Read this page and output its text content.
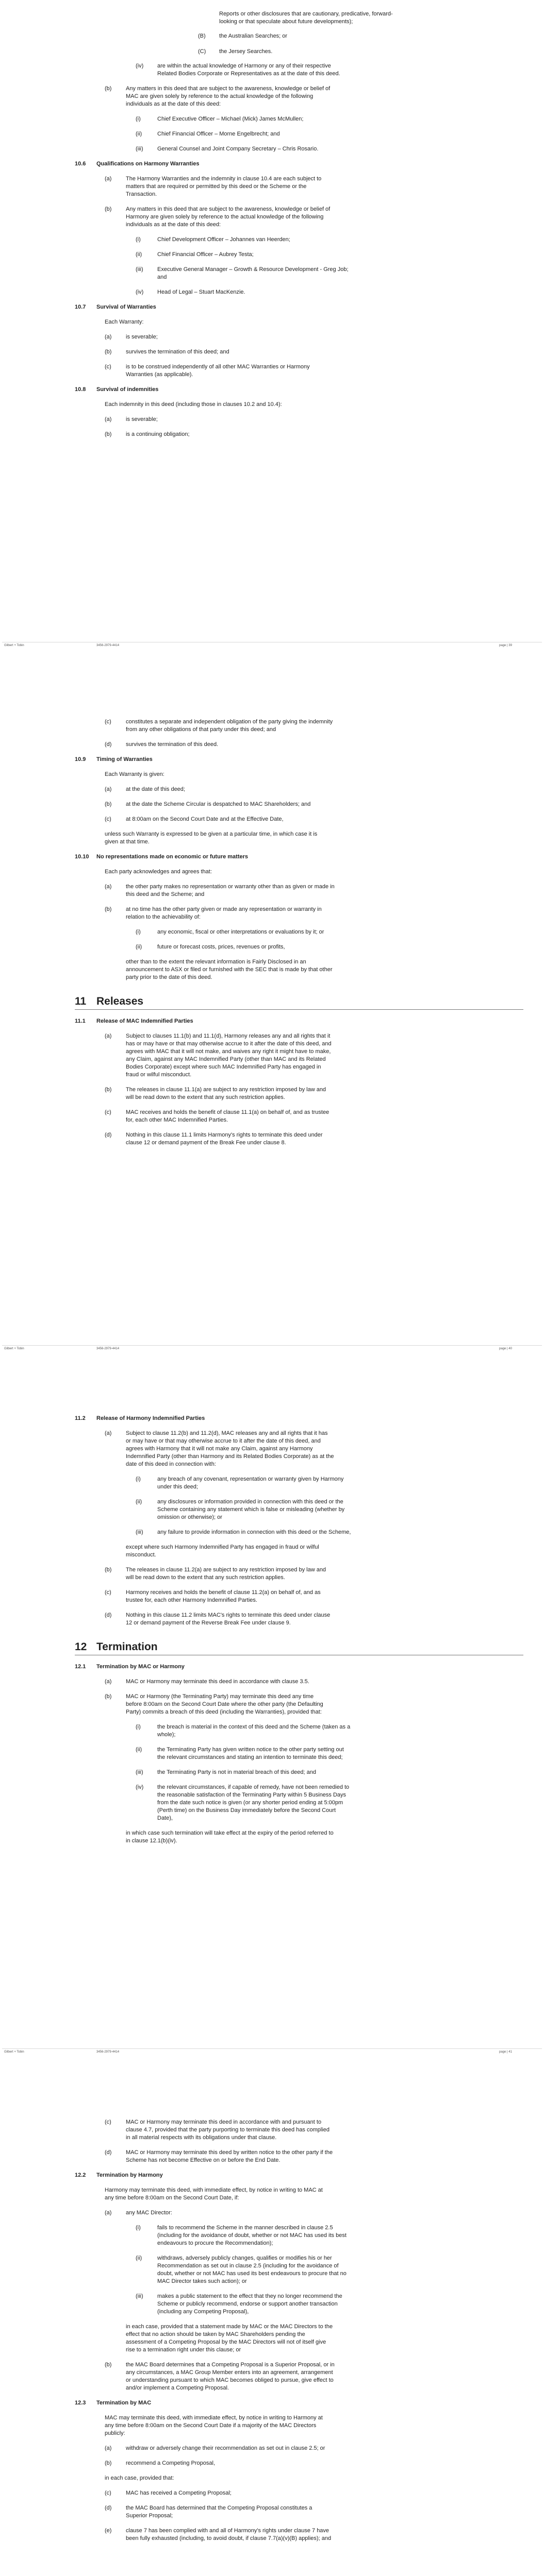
Reports or other disclosures that are cautionary, predicative, forward-
looking or that speculate about future developments);
(B) the Australian Searches; or
(C) the Jersey Searches.
(iv) are within the actual knowledge of Harmony or any of their respective
Related Bodies Corporate or Representatives as at the date of this deed.
(b)	Any matters in this deed that are subject to the awareness, knowledge or belief of
MAC are given solely by reference to the actual knowledge of the following
individuals as at the date of this deed:
(i)	Chief Executive Officer – Michael (Mick) James McMullen;
(ii)	Chief Financial Officer – Morne Engelbrecht; and
(iii) General Counsel and Joint Company Secretary – Chris Rosario.
10.6 Qualifications on Harmony Warranties
(a)	The Harmony Warranties and the indemnity in clause 10.4 are each subject to
matters that are required or permitted by this deed or the Scheme or the
Transaction.
(b)	Any matters in this deed that are subject to the awareness, knowledge or belief of
Harmony are given solely by reference to the actual knowledge of the following
individuals as at the date of this deed:
(i)	Chief Development Officer – Johannes van Heerden;
(ii)	Chief Financial Officer – Aubrey Testa;
(iii) Executive General Manager – Growth & Resource Development - Greg Job;
and
(iv) Head of Legal – Stuart MacKenzie.
10.7 Survival of Warranties
Each Warranty:
(a)	is severable;
(b)	survives the termination of this deed; and
(c)	is to be construed independently of all other MAC Warranties or Harmony
Warranties (as applicable).
10.8 Survival of indemnities
Each indemnity in this deed (including those in clauses 10.2 and 10.4):
(a)	is severable;
(b)	is a continuing obligation;
Gilbert + Tobin	3456-2979-4414	page | 39
(c)	constitutes a separate and independent obligation of the party giving the indemnity
from any other obligations of that party under this deed; and
(d)	survives the termination of this deed.
10.9 Timing of Warranties
Each Warranty is given:
(a)	at the date of this deed;
(b)	at the date the Scheme Circular is despatched to MAC Shareholders; and
(c)	at 8:00am on the Second Court Date and at the Effective Date,
unless such Warranty is expressed to be given at a particular time, in which case it is
given at that time.
10.10 No representations made on economic or future matters
Each party acknowledges and agrees that:
(a)	the other party makes no representation or warranty other than as given or made in
this deed and the Scheme; and
(b)	at no time has the other party given or made any representation or warranty in
relation to the achievability of:
(i)	any economic, fiscal or other interpretations or evaluations by it; or
(ii)	future or forecast costs, prices, revenues or profits,
other than to the extent the relevant information is Fairly Disclosed in an
announcement to ASX or filed or furnished with the SEC that is made by that other
party prior to the date of this deed.
11 Releases
11.1 Release of MAC Indemnified Parties
(a)	Subject to clauses 11.1(b) and 11.1(d), Harmony releases any and all rights that it
has or may have or that may otherwise accrue to it after the date of this deed, and
agrees with MAC that it will not make, and waives any right it might have to make,
any Claim, against any MAC Indemnified Party (other than MAC and its Related
Bodies Corporate) except where such MAC Indemnified Party has engaged in
fraud or wilful misconduct.
(b)	The releases in clause 11.1(a) are subject to any restriction imposed by law and
will be read down to the extent that any such restriction applies.
(c)	MAC receives and holds the benefit of clause 11.1(a) on behalf of, and as trustee
for, each other MAC Indemnified Parties.
(d)	Nothing in this clause 11.1 limits Harmony's rights to terminate this deed under
clause 12 or demand payment of the Break Fee under clause 8.
Gilbert + Tobin	3456-2979-4414	page | 40
11.2 Release of Harmony Indemnified Parties
(a)	Subject to clause 11.2(b) and 11.2(d), MAC releases any and all rights that it has
or may have or that may otherwise accrue to it after the date of this deed, and
agrees with Harmony that it will not make any Claim, against any Harmony
Indemnified Party (other than Harmony and its Related Bodies Corporate) as at the
date of this deed in connection with:
(i)	any breach of any covenant, representation or warranty given by Harmony
under this deed;
(ii)	any disclosures or information provided in connection with this deed or the
Scheme containing any statement which is false or misleading (whether by
omission or otherwise); or
(iii) any failure to provide information in connection with this deed or the Scheme,
except where such Harmony Indemnified Party has engaged in fraud or wilful
misconduct.
(b)	The releases in clause 11.2(a) are subject to any restriction imposed by law and
will be read down to the extent that any such restriction applies.
(c)	Harmony receives and holds the benefit of clause 11.2(a) on behalf of, and as
trustee for, each other Harmony Indemnified Parties.
(d)	Nothing in this clause 11.2 limits MAC's rights to terminate this deed under clause
12 or demand payment of the Reverse Break Fee under clause 9.
12 Termination
12.1 Termination by MAC or Harmony
(a)	MAC or Harmony may terminate this deed in accordance with clause 3.5.
(b)	MAC or Harmony (the Terminating Party) may terminate this deed any time
before 8:00am on the Second Court Date where the other party (the Defaulting
Party) commits a breach of this deed (including the Warranties), provided that:
(i)	the breach is material in the context of this deed and the Scheme (taken as a
whole);
(ii)	the Terminating Party has given written notice to the other party setting out
the relevant circumstances and stating an intention to terminate this deed;
(iii) the Terminating Party is not in material breach of this deed; and
(iv) the relevant circumstances, if capable of remedy, have not been remedied to
the reasonable satisfaction of the Terminating Party within 5 Business Days
from the date such notice is given (or any shorter period ending at 5:00pm
(Perth time) on the Business Day immediately before the Second Court
Date),
in which case such termination will take effect at the expiry of the period referred to
in clause 12.1(b)(iv).
Gilbert + Tobin	3456-2979-4414	page | 41
(c)	MAC or Harmony may terminate this deed in accordance with and pursuant to
clause 4.7, provided that the party purporting to terminate this deed has complied
in all material respects with its obligations under that clause.
(d)	MAC or Harmony may terminate this deed by written notice to the other party if the
Scheme has not become Effective on or before the End Date.
12.2 Termination by Harmony
Harmony may terminate this deed, with immediate effect, by notice in writing to MAC at
any time before 8:00am on the Second Court Date, if:
(a)	any MAC Director:
(i)	fails to recommend the Scheme in the manner described in clause 2.5
(including for the avoidance of doubt, whether or not MAC has used its best
endeavours to procure the Recommendation);
(ii)	withdraws, adversely publicly changes, qualifies or modifies his or her
Recommendation as set out in clause 2.5 (including for the avoidance of
doubt, whether or not MAC has used its best endeavours to procure that no
MAC Director takes such action); or
(iii) makes a public statement to the effect that they no longer recommend the
Scheme or publicly recommend, endorse or support another transaction
(including any Competing Proposal),
in each case, provided that a statement made by MAC or the MAC Directors to the
effect that no action should be taken by MAC Shareholders pending the
assessment of a Competing Proposal by the MAC Directors will not of itself give
rise to a termination right under this clause; or
(b)	the MAC Board determines that a Competing Proposal is a Superior Proposal, or in
any circumstances, a MAC Group Member enters into an agreement, arrangement
or understanding pursuant to which MAC becomes obliged to pursue, give effect to
and/or implement a Competing Proposal.
12.3 Termination by MAC
MAC may terminate this deed, with immediate effect, by notice in writing to Harmony at
any time before 8:00am on the Second Court Date if a majority of the MAC Directors
publicly:
(a)	withdraw or adversely change their recommendation as set out in clause 2.5; or
(b)	recommend a Competing Proposal,
in each case, provided that:
(c)	MAC has received a Competing Proposal;
(d)	the MAC Board has determined that the Competing Proposal constitutes a
Superior Proposal;
(e)	clause 7 has been complied with and all of Harmony's rights under clause 7 have
been fully exhausted (including, to avoid doubt, if clause 7.7(a)(v)(B) applies); and
